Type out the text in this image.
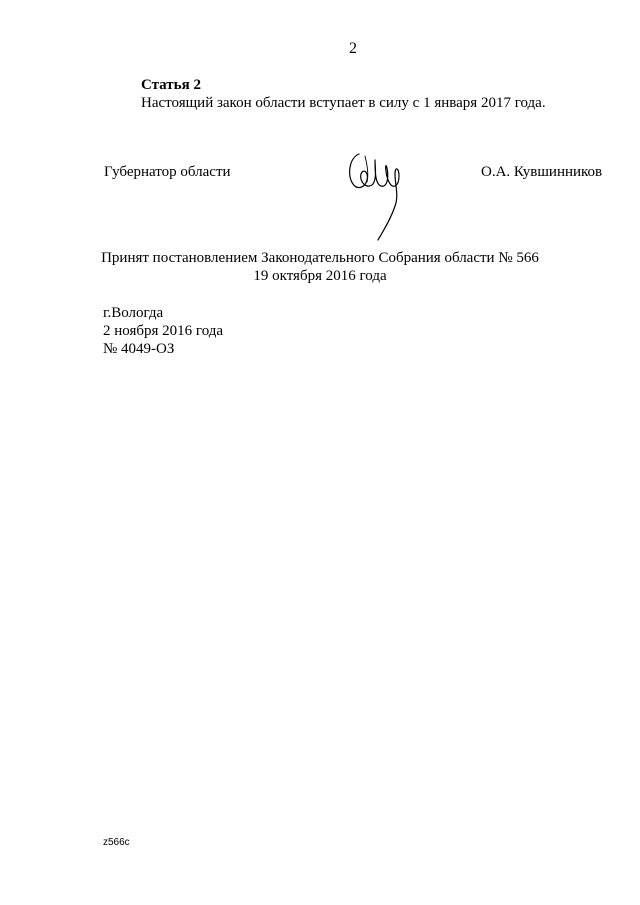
2
Статья 2
Настоящий закон области вступает в силу с 1 января 2017 года.
Губернатор области	О.А. Кувшинников
Принят постановлением Законодательного Собрания области № 566
19 октября 2016 года
г.Вологда
2 ноября 2016 года
№ 4049-ОЗ
z566c
